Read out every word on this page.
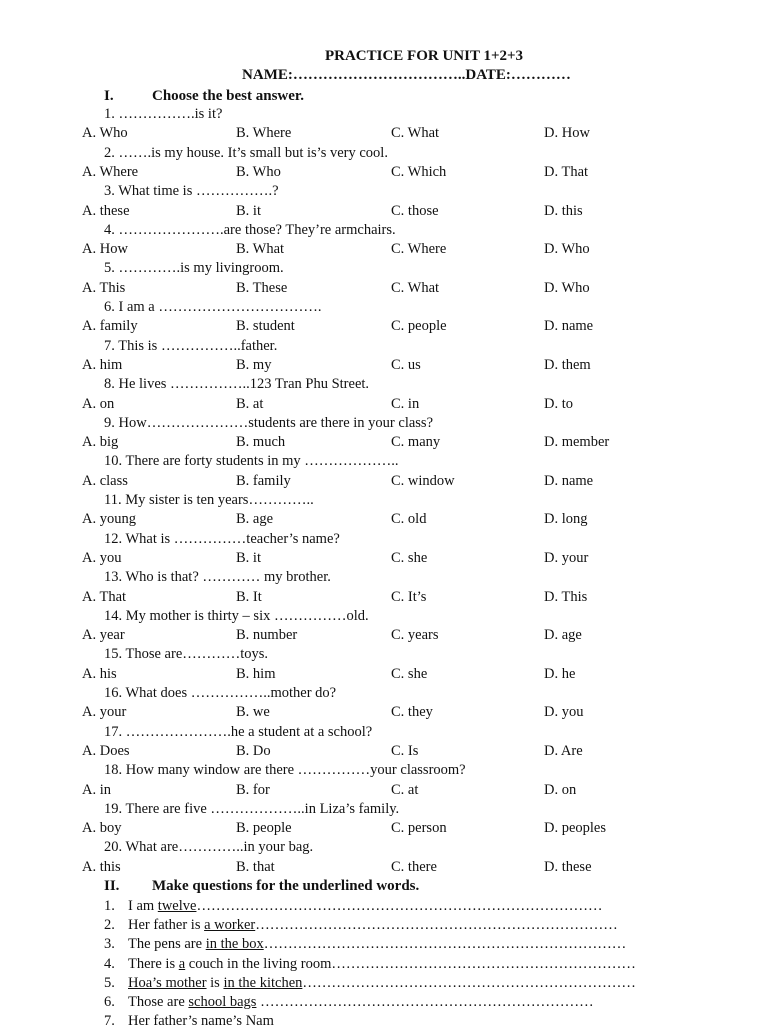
PRACTICE FOR UNIT 1+2+3
NAME:……………………………..DATE:…………
I.	Choose the best answer.
1. …………….is it?
A. Who	B. Where	C. What	D. How
2. …….is my house. It’s small but is’s very cool.
A. Where	B. Who	C. Which	D. That
3. What time is …………….?
A. these	B. it	C. those	D. this
4. ………………….are those? They’re armchairs.
A. How	B. What	C. Where	D. Who
5. ………….is my livingroom.
A. This	B. These	C. What	D. Who
6. I am a …………………………….
A. family	B. student	C. people	D. name
7. This is ……………..father.
A. him	B. my	C. us	D. them
8. He lives ……………..123 Tran Phu Street.
A. on	B. at	C. in	D. to
9. How…………………students are there in your class?
A. big	B. much	C. many	D. member
10. There are forty students in my ………………..
A. class	B. family	C. window	D. name
11. My sister is ten years…………..
A. young	B. age	C. old	D. long
12. What is ……………teacher’s name?
A. you	B. it	C. she	D. your
13. Who is that? ………… my brother.
A. That	B. It	C. It’s	D. This
14. My mother is thirty – six ……………old.
A. year	B. number	C. years	D. age
15. Those are…………toys.
A. his	B. him	C. she	D. he
16. What does ……………..mother do?
A. your	B. we	C. they	D. you
17. ………………….he a student at a school?
A. Does	B. Do	C. Is	D. Are
18. How many window are there ……………your classroom?
A. in	B. for	C. at	D. on
19. There are five ………………..in Liza’s family.
A. boy	B. people	C. person	D. peoples
20. What are…………..in your bag.
A. this	B. that	C. there	D. these
II. Make questions for the underlined words.
1. I am twelve…………………………………………………………………………
2. Her father is a worker…………………………………………………………………
3. The pens are in the box…………………………………………………………………
4. There is a couch in the living room………………………………………………………
5. Hoa’s mother is in the kitchen……………………………………………………………
6. Those are school bags ……………………………………………………………
7. Her father’s name’s Nam
